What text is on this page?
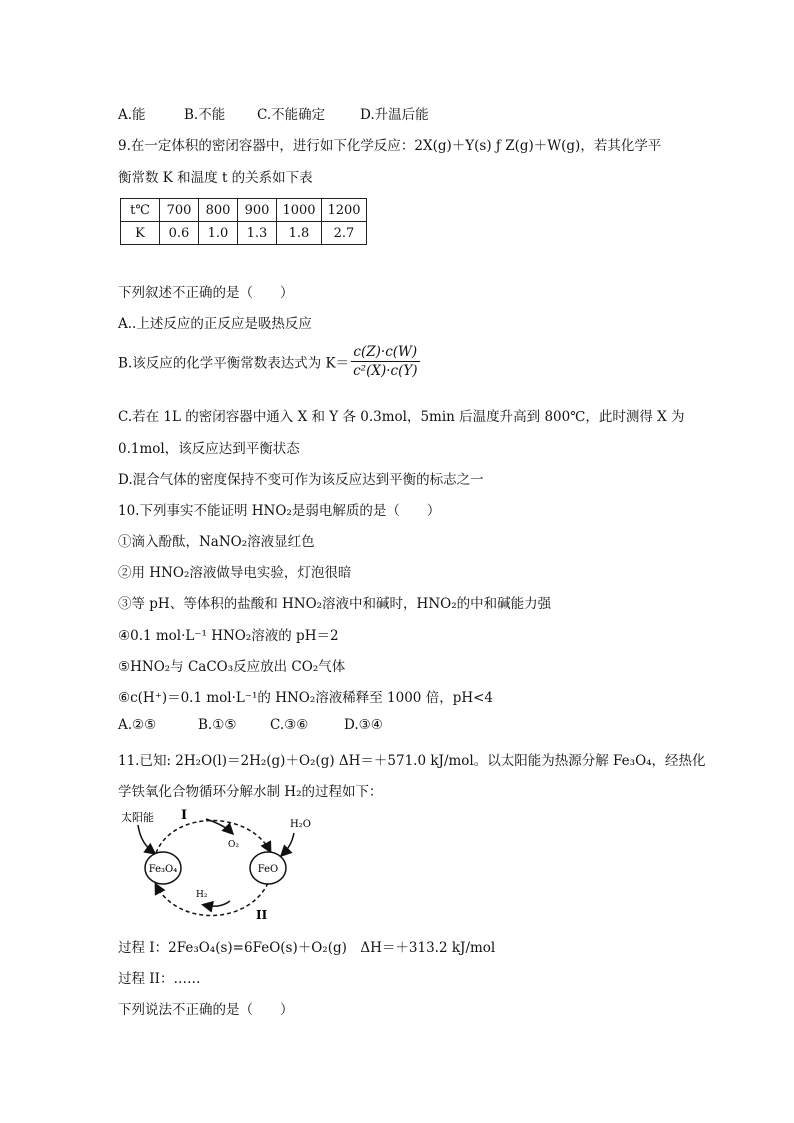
A.能	B.不能 C.不能确定	D.升温后能
9.在一定体积的密闭容器中，进行如下化学反应：2X(g)＋Y(s) ƒ Z(g)＋W(g)，若其化学平
衡常数 K 和温度 t 的关系如下表
t℃	700	800	900	1000	1200
K	0.6	1.0	1.3	1.8	2.7
下列叙述不正确的是（　　）
A..上述反应的正反应是吸热反应
B.该反应的化学平衡常数表达式为 $K= \frac{c(Z)\cdot c(W)}{\text{c²(X)·c(Y)}}$
C.若在 1L 的密闭容器中通入 X 和 Y 各 0.3mol，5min 后温度升高到 800℃，此时测得 X 为
0.1mol，该反应达到平衡状态
D.混合气体的密度保持不变可作为该反应达到平衡的标志之一
10.下列事实不能证明 HNO₂是弱电解质的是（　　）
①滴入酚酞，NaNO₂溶液显红色
②用 HNO₂溶液做导电实验，灯泡很暗
③等 pH、等体积的盐酸和 HNO₂溶液中和碱时，HNO₂的中和碱能力强
④0.1 mol·L⁻¹ HNO₂溶液的 pH＝2
⑤HNO₂与 CaCO₃反应放出 CO₂气体
⑥c(H⁺)＝0.1 mol·L⁻¹的 HNO₂溶液稀释至 1000 倍，pH<4
A.②⑤	B.①⑤ C.③⑥	D.③④
11.已知: 2H₂O(l)＝2H₂(g)＋O₂(g) ΔH＝＋571.0 kJ/mol。以太阳能为热源分解 Fe₃O₄，经热化
学铁氧化合物循环分解水制 H₂的过程如下：
太阳能 I
O₂
H₂O
H₂
II
Fe₃O₄	FeO
过程 I：2Fe₃O₄(s)=6FeO(s)＋O₂(g)　ΔH＝＋313.2 kJ/mol
过程 II：……
下列说法不正确的是（　　）
